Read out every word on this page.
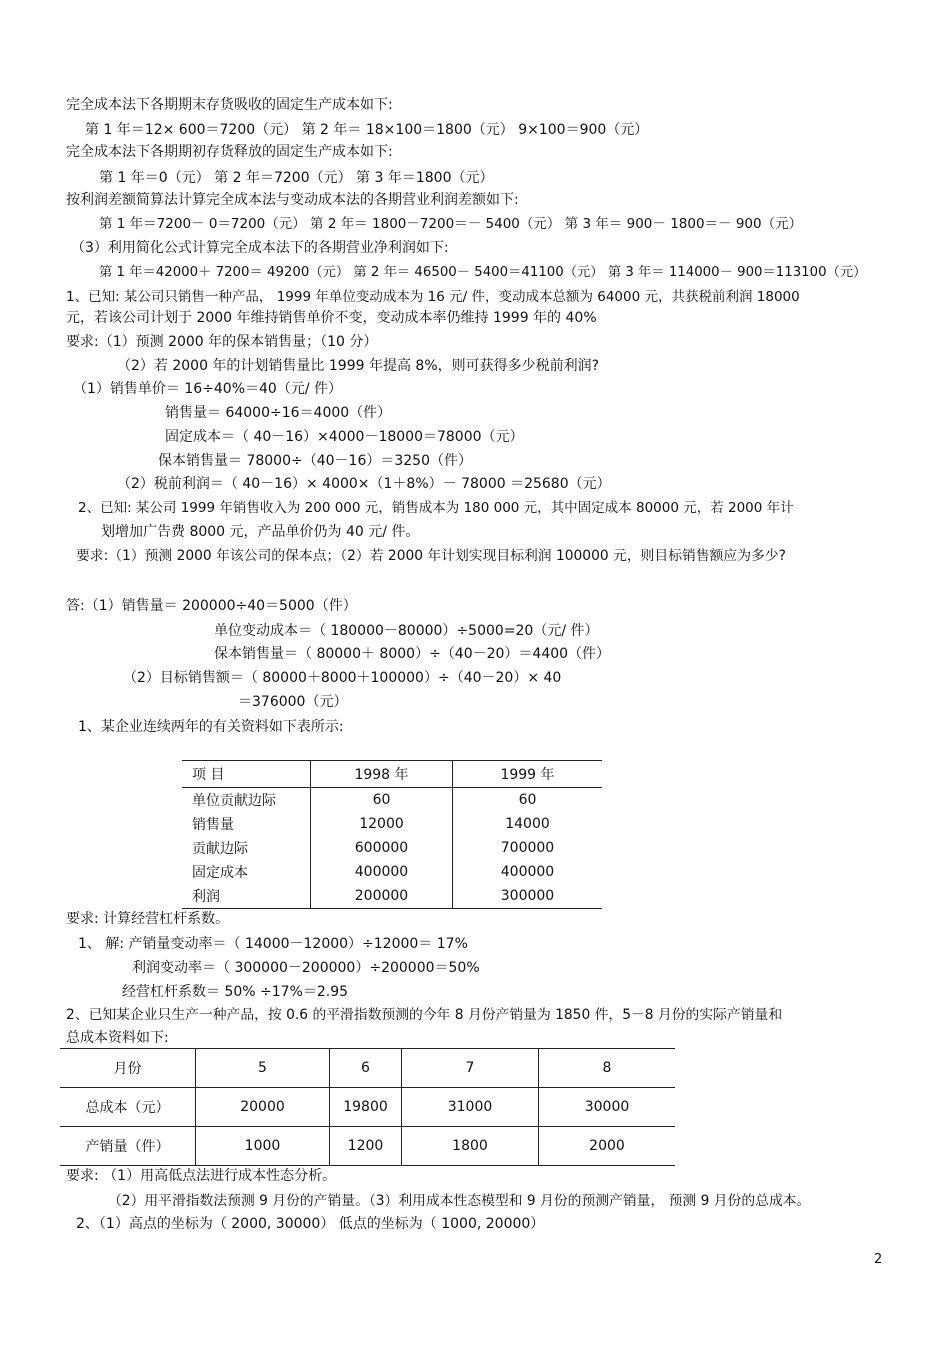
完全成本法下各期期末存货吸收的固定生产成本如下:
第 1 年＝12× 600＝7200（元） 第 2 年＝ 18×100＝1800（元） 9×100＝900（元）
完全成本法下各期期初存货释放的固定生产成本如下:
第 1 年＝0（元） 第 2 年＝7200（元） 第 3 年＝1800（元）
按利润差额简算法计算完全成本法与变动成本法的各期营业利润差额如下:
第 1 年＝7200－ 0＝7200（元） 第 2 年＝ 1800－7200＝－ 5400（元） 第 3 年＝ 900－ 1800＝－ 900（元）
（3）利用简化公式计算完全成本法下的各期营业净利润如下:
第 1 年＝42000＋ 7200＝ 49200（元） 第 2 年＝ 46500－ 5400＝41100（元） 第 3 年＝ 114000－ 900＝113100（元）
1、已知: 某公司只销售一种产品， 1999 年单位变动成本为 16 元/ 件，变动成本总额为 64000 元，共获税前利润 18000
元，若该公司计划于 2000 年维持销售单价不变，变动成本率仍维持 1999 年的 40%
要求:（1）预测 2000 年的保本销售量；（10 分）
（2）若 2000 年的计划销售量比 1999 年提高 8%，则可获得多少税前利润?
（1）销售单价＝ 16÷40%＝40（元/ 件）
销售量＝ 64000÷16＝4000（件）
固定成本＝（ 40－16）×4000－18000＝78000（元）
保本销售量＝ 78000÷（40－16）＝3250（件）
（2）税前利润＝（ 40－16）× 4000×（1＋8%）－ 78000 ＝25680（元）
2、已知: 某公司 1999 年销售收入为 200 000 元，销售成本为 180 000 元，其中固定成本 80000 元，若 2000 年计
划增加广告费 8000 元，产品单价仍为 40 元/ 件。
要求:（1）预测 2000 年该公司的保本点；（2）若 2000 年计划实现目标利润 100000 元，则目标销售额应为多少?
答:（1）销售量＝ 200000÷40＝5000（件）
单位变动成本＝（ 180000－80000）÷5000=20（元/ 件）
保本销售量＝（ 80000＋ 8000）÷（40－20）＝4400（件）
（2）目标销售额＝（ 80000＋8000＋100000）÷（40－20）× 40
＝376000（元）
1、某企业连续两年的有关资料如下表所示:
项 目	1998 年	1999 年
单位贡献边际	60	60
销售量	12000	14000
贡献边际	600000	700000
固定成本	400000	400000
利润	200000	300000
要求: 计算经营杠杆系数。
1、 解: 产销量变动率＝（ 14000－12000）÷12000＝ 17%
利润变动率＝（ 300000－200000）÷200000＝50%
经营杠杆系数＝ 50% ÷17%＝2.95
2、已知某企业只生产一种产品，按 0.6 的平滑指数预测的今年 8 月份产销量为 1850 件，5－8 月份的实际产销量和
总成本资料如下:
月份	5	6	7	8
总成本（元）	20000	19800	31000	30000
产销量（件）	1000	1200	1800	2000
要求: （1）用高低点法进行成本性态分析。
（2）用平滑指数法预测 9 月份的产销量。（3）利用成本性态模型和 9 月份的预测产销量， 预测 9 月份的总成本。
2、（1）高点的坐标为（ 2000, 30000） 低点的坐标为（ 1000, 20000）
2
